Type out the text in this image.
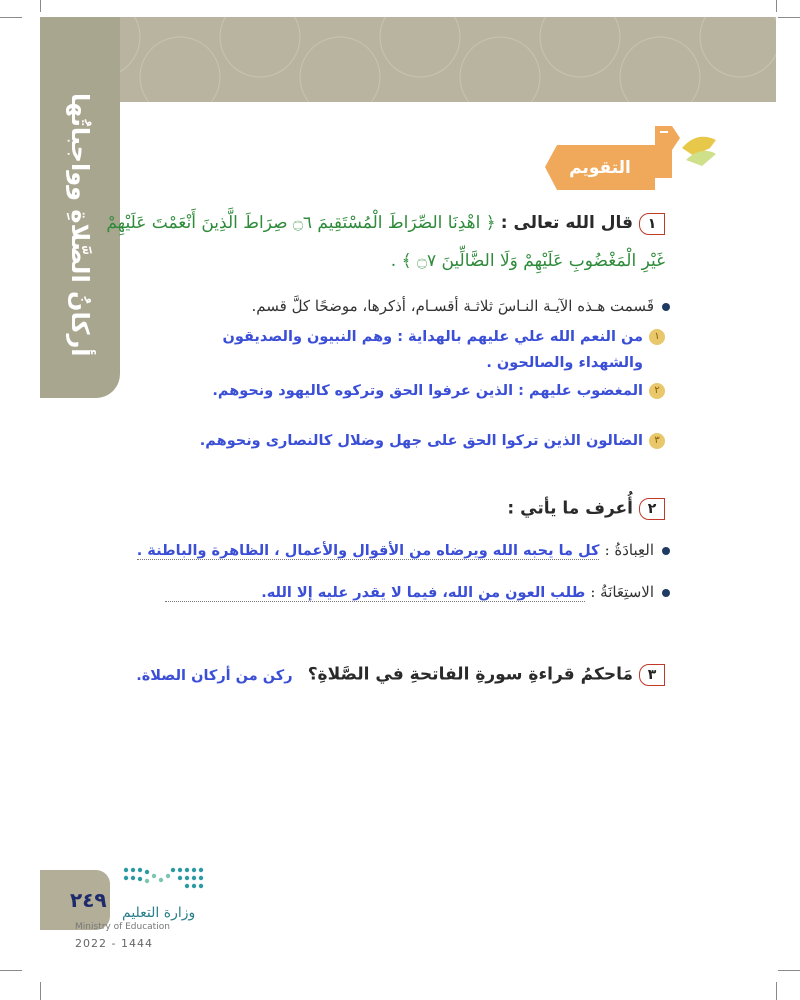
أركانُ الصَّلاةِ وواجباتُها	التقويم
١قال الله تعالى : ﴿ اهْدِنَا الصِّرَاطَ الْمُسْتَقِيمَ ۝٦ صِرَاطَ الَّذِينَ أَنْعَمْتَ عَلَيْهِمْ
غَيْرِ الْمَغْضُوبِ عَلَيْهِمْ وَلَا الضَّالِّينَ ۝٧ ﴾ .
قَسمت هـذه الآيـة النـاسَ ثلاثـة أقسـام، أذكرها، موضحًا كلَّ قسم.
١من النعم الله علي عليهم بالهداية : وهم النبيون والصديقون
والشهداء والصالحون .
٢المغضوب عليهم : الذين عرفوا الحق وتركوه كاليهود ونحوهم.
٣الضالون الذين تركوا الحق على جهل وضلال كالنصارى ونحوهم.
٢أُعرف ما يأتي :
العِبادَةُ : كل ما يحبه الله ويرضاه من الأقوال والأعمال ، الظاهرة والباطنة .
الاستِعَانَةُ : طلب العون من الله، فيما لا يقدر عليه إلا الله.
٣مَاحكمُ قراءةِ سورةِ الفاتحةِ في الصَّلاةِ؟ ركن من أركان الصلاة.
٢٤٩
وزارة التعليم
Ministry of Education
2022 - 1444
